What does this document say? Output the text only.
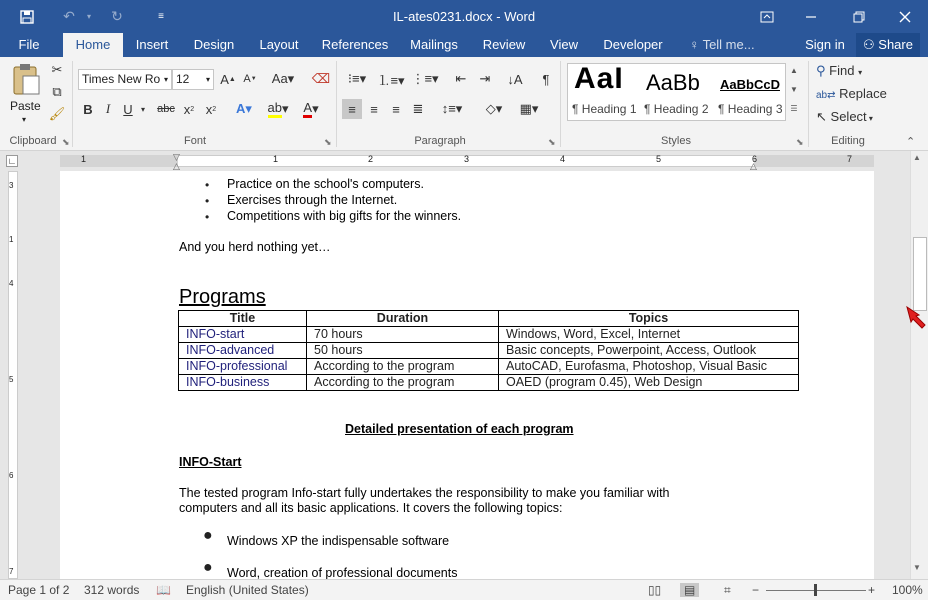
↶	▾	↻	≡	IL-ates0231.docx - Word
File	Home	Insert	Design	Layout	References	Mailings	Review	View	Developer	♀ Tell me...	Sign in	⚇ Share
Paste
▾
✂
⧉
🖌
Clipboard ⬊
Times New Ro ▾ 12 ▾ A ▲ A ▼ Aa▾ ⌫
B	I	U	▾ abc x 2 x 2	A▾	ab ▾ A ▾
Font	⬊
⁝≡▾ ⒈≡▾ ⋮≡▾	⇤	⇥	↓A	¶
≡	≡	≡ ≣	↕≡▾	◇▾	▦▾
Paragraph	⬊
▲
▼
☰
Styles	⬊
⚲ Find ▾
ab⇄ Replace
↖ Select ▾
Editing	⌃
AaI
¶ Heading 1
AaBb
¶ Heading 2
AaBbCcD
¶ Heading 3
∟	1	1	2	3	4	5	6	7
▽
△	△
3
1
4
5
6
7
• Practice on the school's computers.
• Exercises through the Internet.
• Competitions with big gifts for the winners.
And you herd nothing yet…
Programs
Title	Duration	Topics
INFO-start	70 hours	Windows, Word, Excel, Internet
INFO-advanced	50 hours	Basic concepts, Powerpoint, Access, Outlook
INFO-professional	According to the program	AutoCAD, Eurofasma, Photoshop, Visual Basic
INFO-business	According to the program	OAED (program 0.45), Web Design
Detailed presentation of each program
INFO-Start
The tested program Info-start fully undertakes the responsibility to make you familiar with
computers and all its basic applications. It covers the following topics:
● Windows XP the indispensable software
● Word, creation of professional documents
▲
▼
Page 1 of 2 312 words 📖 English (United States)	▯▯	▤	⌗ −	+ 100%
